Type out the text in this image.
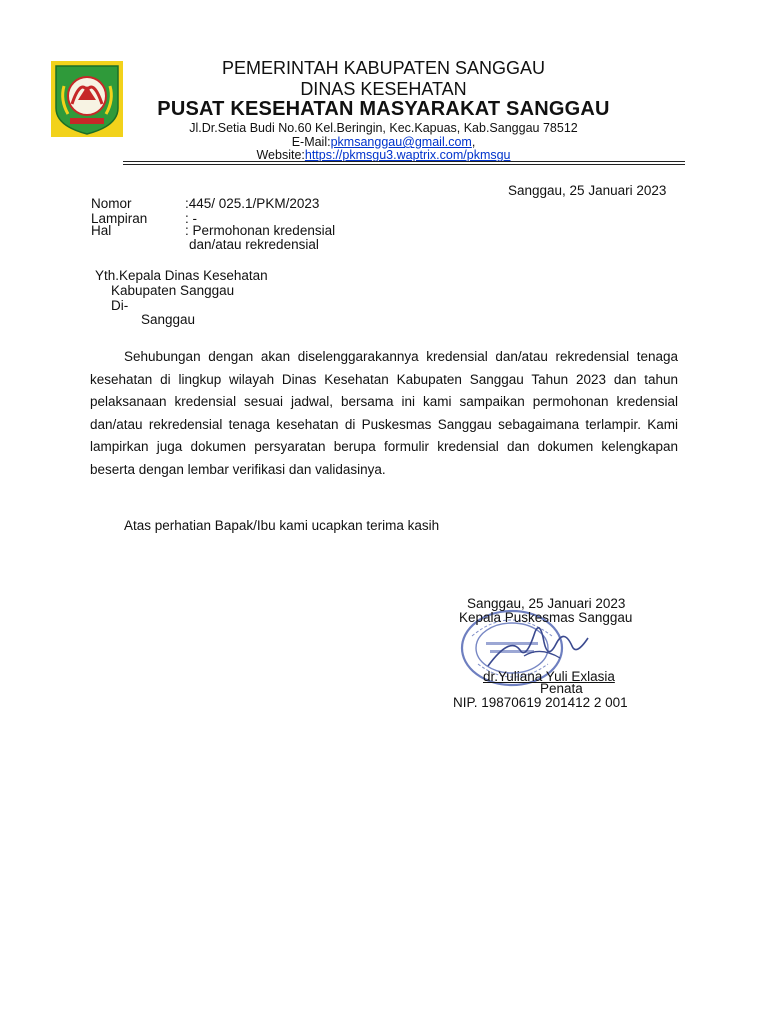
PEMERINTAH KABUPATEN SANGGAU
DINAS KESEHATAN
PUSAT KESEHATAN MASYARAKAT SANGGAU
Jl.Dr.Setia Budi No.60 Kel.Beringin, Kec.Kapuas, Kab.Sanggau 78512
E-Mail:pkmsanggau@gmail.com,
Website:https://pkmsgu3.waptrix.com/pkmsgu
Sanggau, 25 Januari 2023
Nomor	:445/ 025.1/PKM/2023
Lampiran	: -
Hal	: Permohonan kredensial
dan/atau rekredensial
Yth.Kepala Dinas Kesehatan
Kabupaten Sanggau
Di-
Sanggau

Sehubungan dengan akan diselenggarakannya kredensial dan/atau rekredensial tenaga kesehatan di lingkup wilayah Dinas Kesehatan Kabupaten Sanggau Tahun 2023 dan tahun pelaksanaan kredensial sesuai jadwal, bersama ini kami sampaikan permohonan kredensial dan/atau rekredensial tenaga kesehatan di Puskesmas Sanggau sebagaimana terlampir. Kami lampirkan juga dokumen persyaratan berupa formulir kredensial dan dokumen kelengkapan beserta dengan lembar verifikasi dan validasinya.

Atas perhatian Bapak/Ibu kami ucapkan terima kasih
Sanggau, 25 Januari 2023
Kepala Puskesmas Sanggau
dr.Yuliana Yuli Exlasia
Penata
NIP. 19870619 201412 2 001
